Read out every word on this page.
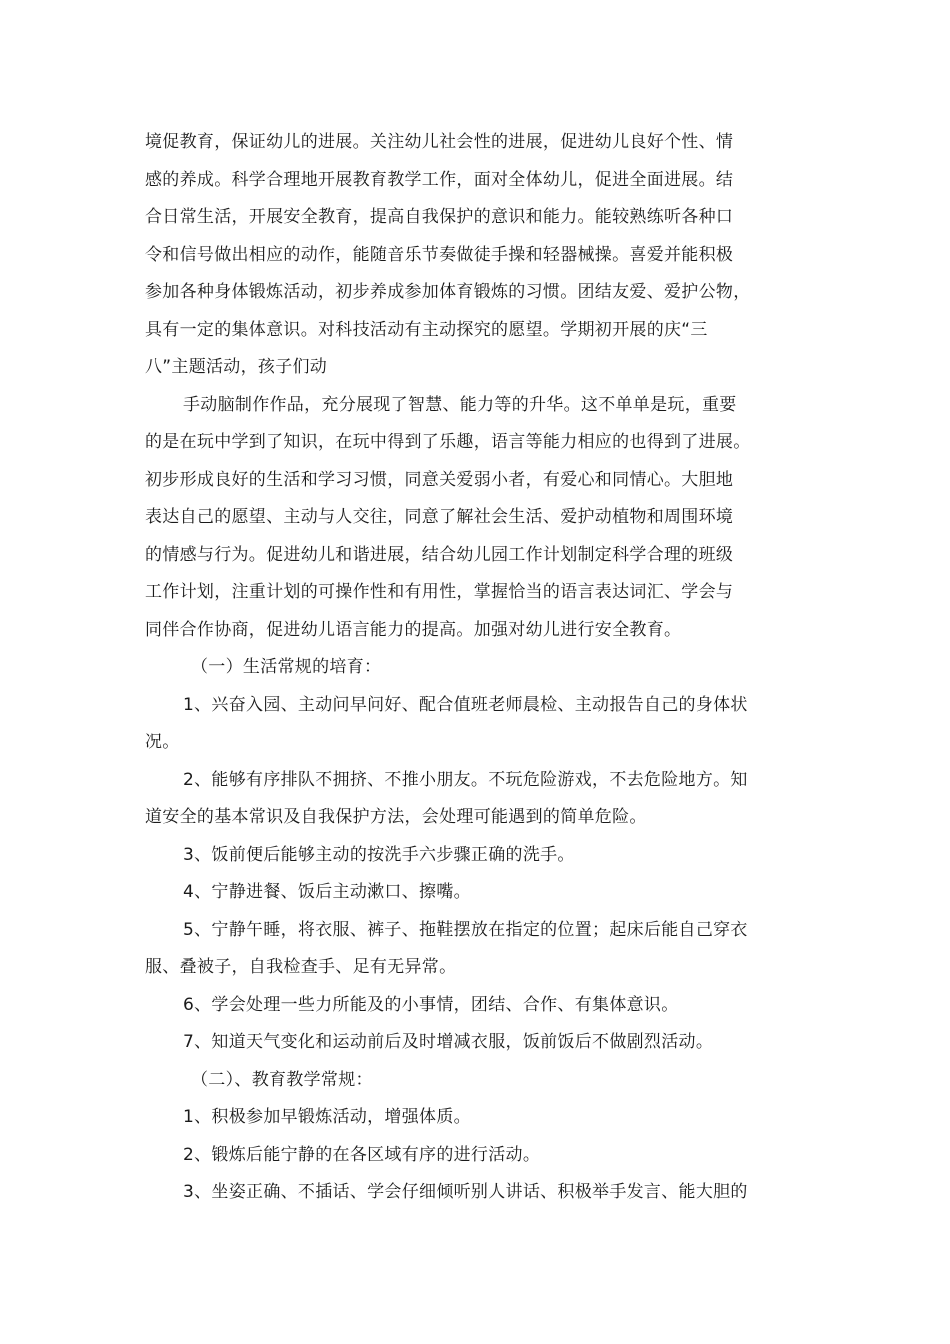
境促教育，保证幼儿的进展。关注幼儿社会性的进展，促进幼儿良好个性、情
感的养成。科学合理地开展教育教学工作，面对全体幼儿，促进全面进展。结
合日常生活，开展安全教育，提高自我保护的意识和能力。能较熟练听各种口
令和信号做出相应的动作，能随音乐节奏做徒手操和轻器械操。喜爱并能积极
参加各种身体锻炼活动，初步养成参加体育锻炼的习惯。团结友爱、爱护公物，
具有一定的集体意识。对科技活动有主动探究的愿望。学期初开展的庆“三
八”主题活动，孩子们动
手动脑制作作品，充分展现了智慧、能力等的升华。这不单单是玩，重要
的是在玩中学到了知识，在玩中得到了乐趣，语言等能力相应的也得到了进展。
初步形成良好的生活和学习习惯，同意关爱弱小者，有爱心和同情心。大胆地
表达自己的愿望、主动与人交往，同意了解社会生活、爱护动植物和周围环境
的情感与行为。促进幼儿和谐进展，结合幼儿园工作计划制定科学合理的班级
工作计划，注重计划的可操作性和有用性，掌握恰当的语言表达词汇、学会与
同伴合作协商，促进幼儿语言能力的提高。加强对幼儿进行安全教育。
（一）生活常规的培育：
1、兴奋入园、主动问早问好、配合值班老师晨检、主动报告自己的身体状
况。
2、能够有序排队不拥挤、不推小朋友。不玩危险游戏，不去危险地方。知
道安全的基本常识及自我保护方法，会处理可能遇到的简单危险。
3、饭前便后能够主动的按洗手六步骤正确的洗手。
4、宁静进餐、饭后主动漱口、擦嘴。
5、宁静午睡，将衣服、裤子、拖鞋摆放在指定的位置；起床后能自己穿衣
服、叠被子，自我检查手、足有无异常。
6、学会处理一些力所能及的小事情，团结、合作、有集体意识。
7、知道天气变化和运动前后及时增减衣服，饭前饭后不做剧烈活动。
（二）、教育教学常规：
1、积极参加早锻炼活动，增强体质。
2、锻炼后能宁静的在各区域有序的进行活动。
3、坐姿正确、不插话、学会仔细倾听别人讲话、积极举手发言、能大胆的
